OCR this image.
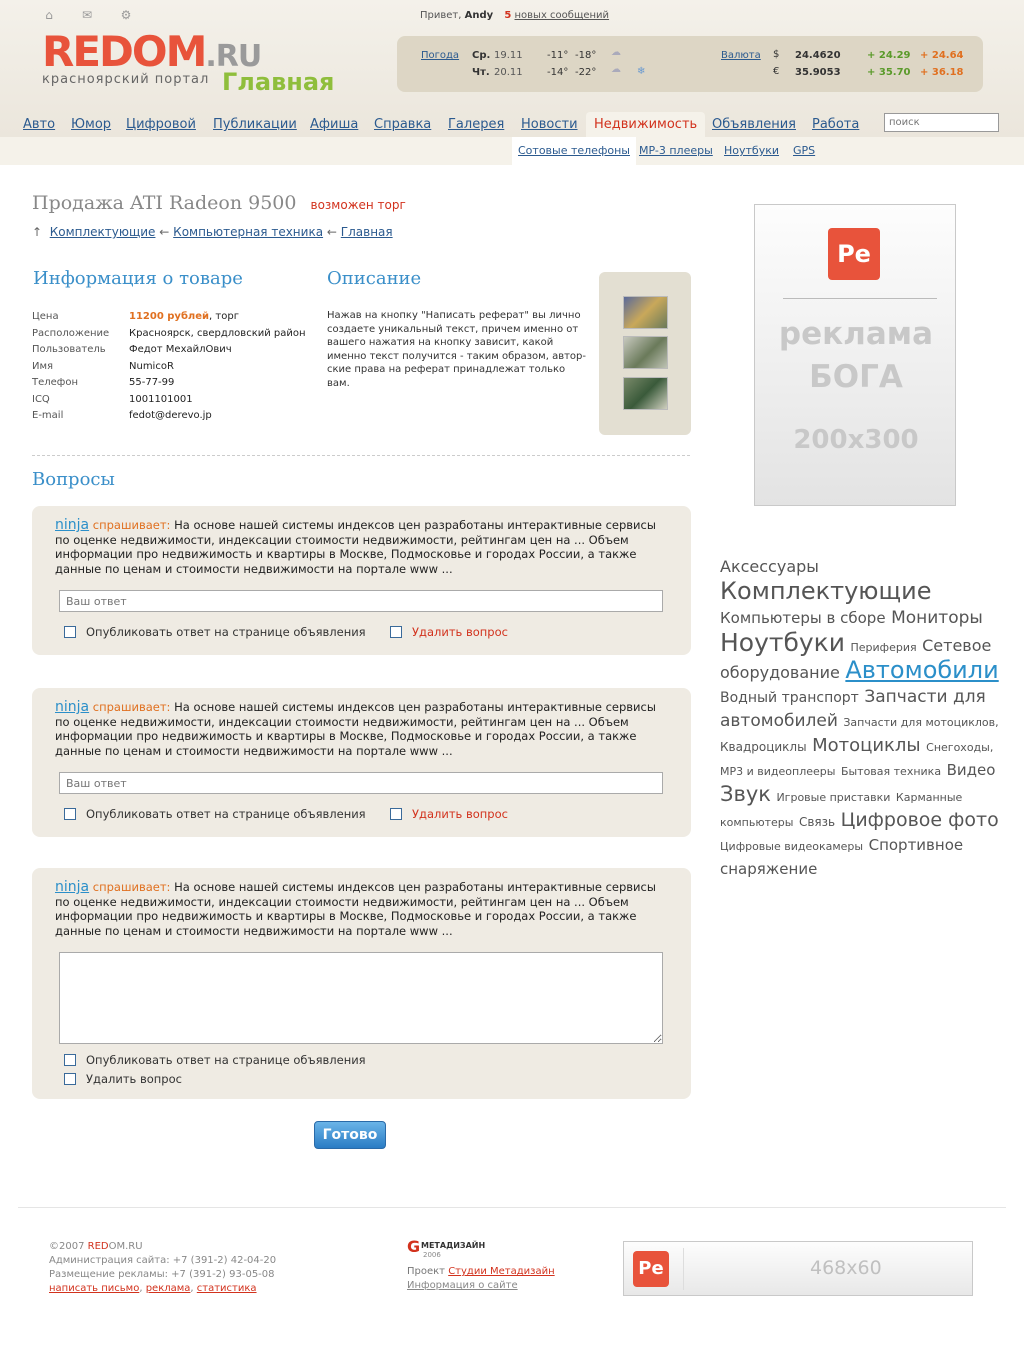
⌂ ✉ ⚙
REDOM.RU
красноярский портал Главная
Привет, Andy 5 новых сообщений
Погода Ср. 19.11 -11° -18° ☁
Чт. 20.11 -14° -22° ☁ ❄
Валюта $ 24.4620	+ 24.29 + 24.64
€ 35.9053	+ 35.70 + 36.18
Авто Юмор Цифровой Публикации Афиша Справка Галерея Новости	Недвижимость	Объявления Работа
поиск
Сотовые телефоны MP-3 плееры Ноутбуки GPS
Продажа ATI Radeon 9500 возможен торг
↑ Комплектующие ← Компьютерная техника ← Главная
Информация о товаре	Описание
Цена	11200 рублей, торг
Расположение	Красноярск, свердловский район
Пользователь	Федот МехайлОвич
Имя	NumicoR
Телефон	55-77-99
ICQ	1001101001
E-mail	fedot@derevo.jp
Нажав на кнопку "Написать реферат" вы лично создаете уникальный текст, причем именно от вашего нажатия на кнопку зависит, какой именно текст получится - таким образом, автор-ские права на реферат принадлежат только вам.
Вопросы
ninja спрашивает: На основе нашей системы индексов цен разработаны интерактивные сервисы по оценке недвижимости, индексации стоимости недвижимости, рейтингам цен на ... Объем информации про недвижимость и квартиры в Москве, Подмосковье и городах России, а также данные по ценам и стоимости недвижимости на портале www ...
Ваш ответ
Опубликовать ответ на странице объявления	Удалить вопрос
ninja спрашивает: На основе нашей системы индексов цен разработаны интерактивные сервисы по оценке недвижимости, индексации стоимости недвижимости, рейтингам цен на ... Объем информации про недвижимость и квартиры в Москве, Подмосковье и городах России, а также данные по ценам и стоимости недвижимости на портале www ...
Ваш ответ
Опубликовать ответ на странице объявления	Удалить вопрос
ninja спрашивает: На основе нашей системы индексов цен разработаны интерактивные сервисы по оценке недвижимости, индексации стоимости недвижимости, рейтингам цен на ... Объем информации про недвижимость и квартиры в Москве, Подмосковье и городах России, а также данные по ценам и стоимости недвижимости на портале www ...
Опубликовать ответ на странице объявления
Удалить вопрос
Готово
Pe
реклама
БОГА
200x300
Аксессуары Комплектующие Компьютеры в сборе Мониторы Ноутбуки Периферия Сетевое оборудование Автомобили Водный транспорт Запчасти для автомобилей Запчасти для мотоциклов, Квадроциклы Мотоциклы Снегоходы, MP3 и видеоплееры Бытовая техника Видео Звук Игровые приставки Карманные компьютеры Связь Цифровое фото Цифровые видеокамеры Спортивное снаряжение
©2007 REDOM.RU
Администрация сайта: +7 (391-2) 42-04-20
Размещение рекламы: +7 (391-2) 93-05-08
написать письмо, реклама, статистика
G МЕТАДИЗАЙН
2006
Проект Студии Метадизайн
Информация о сайте
Pe	468x60
